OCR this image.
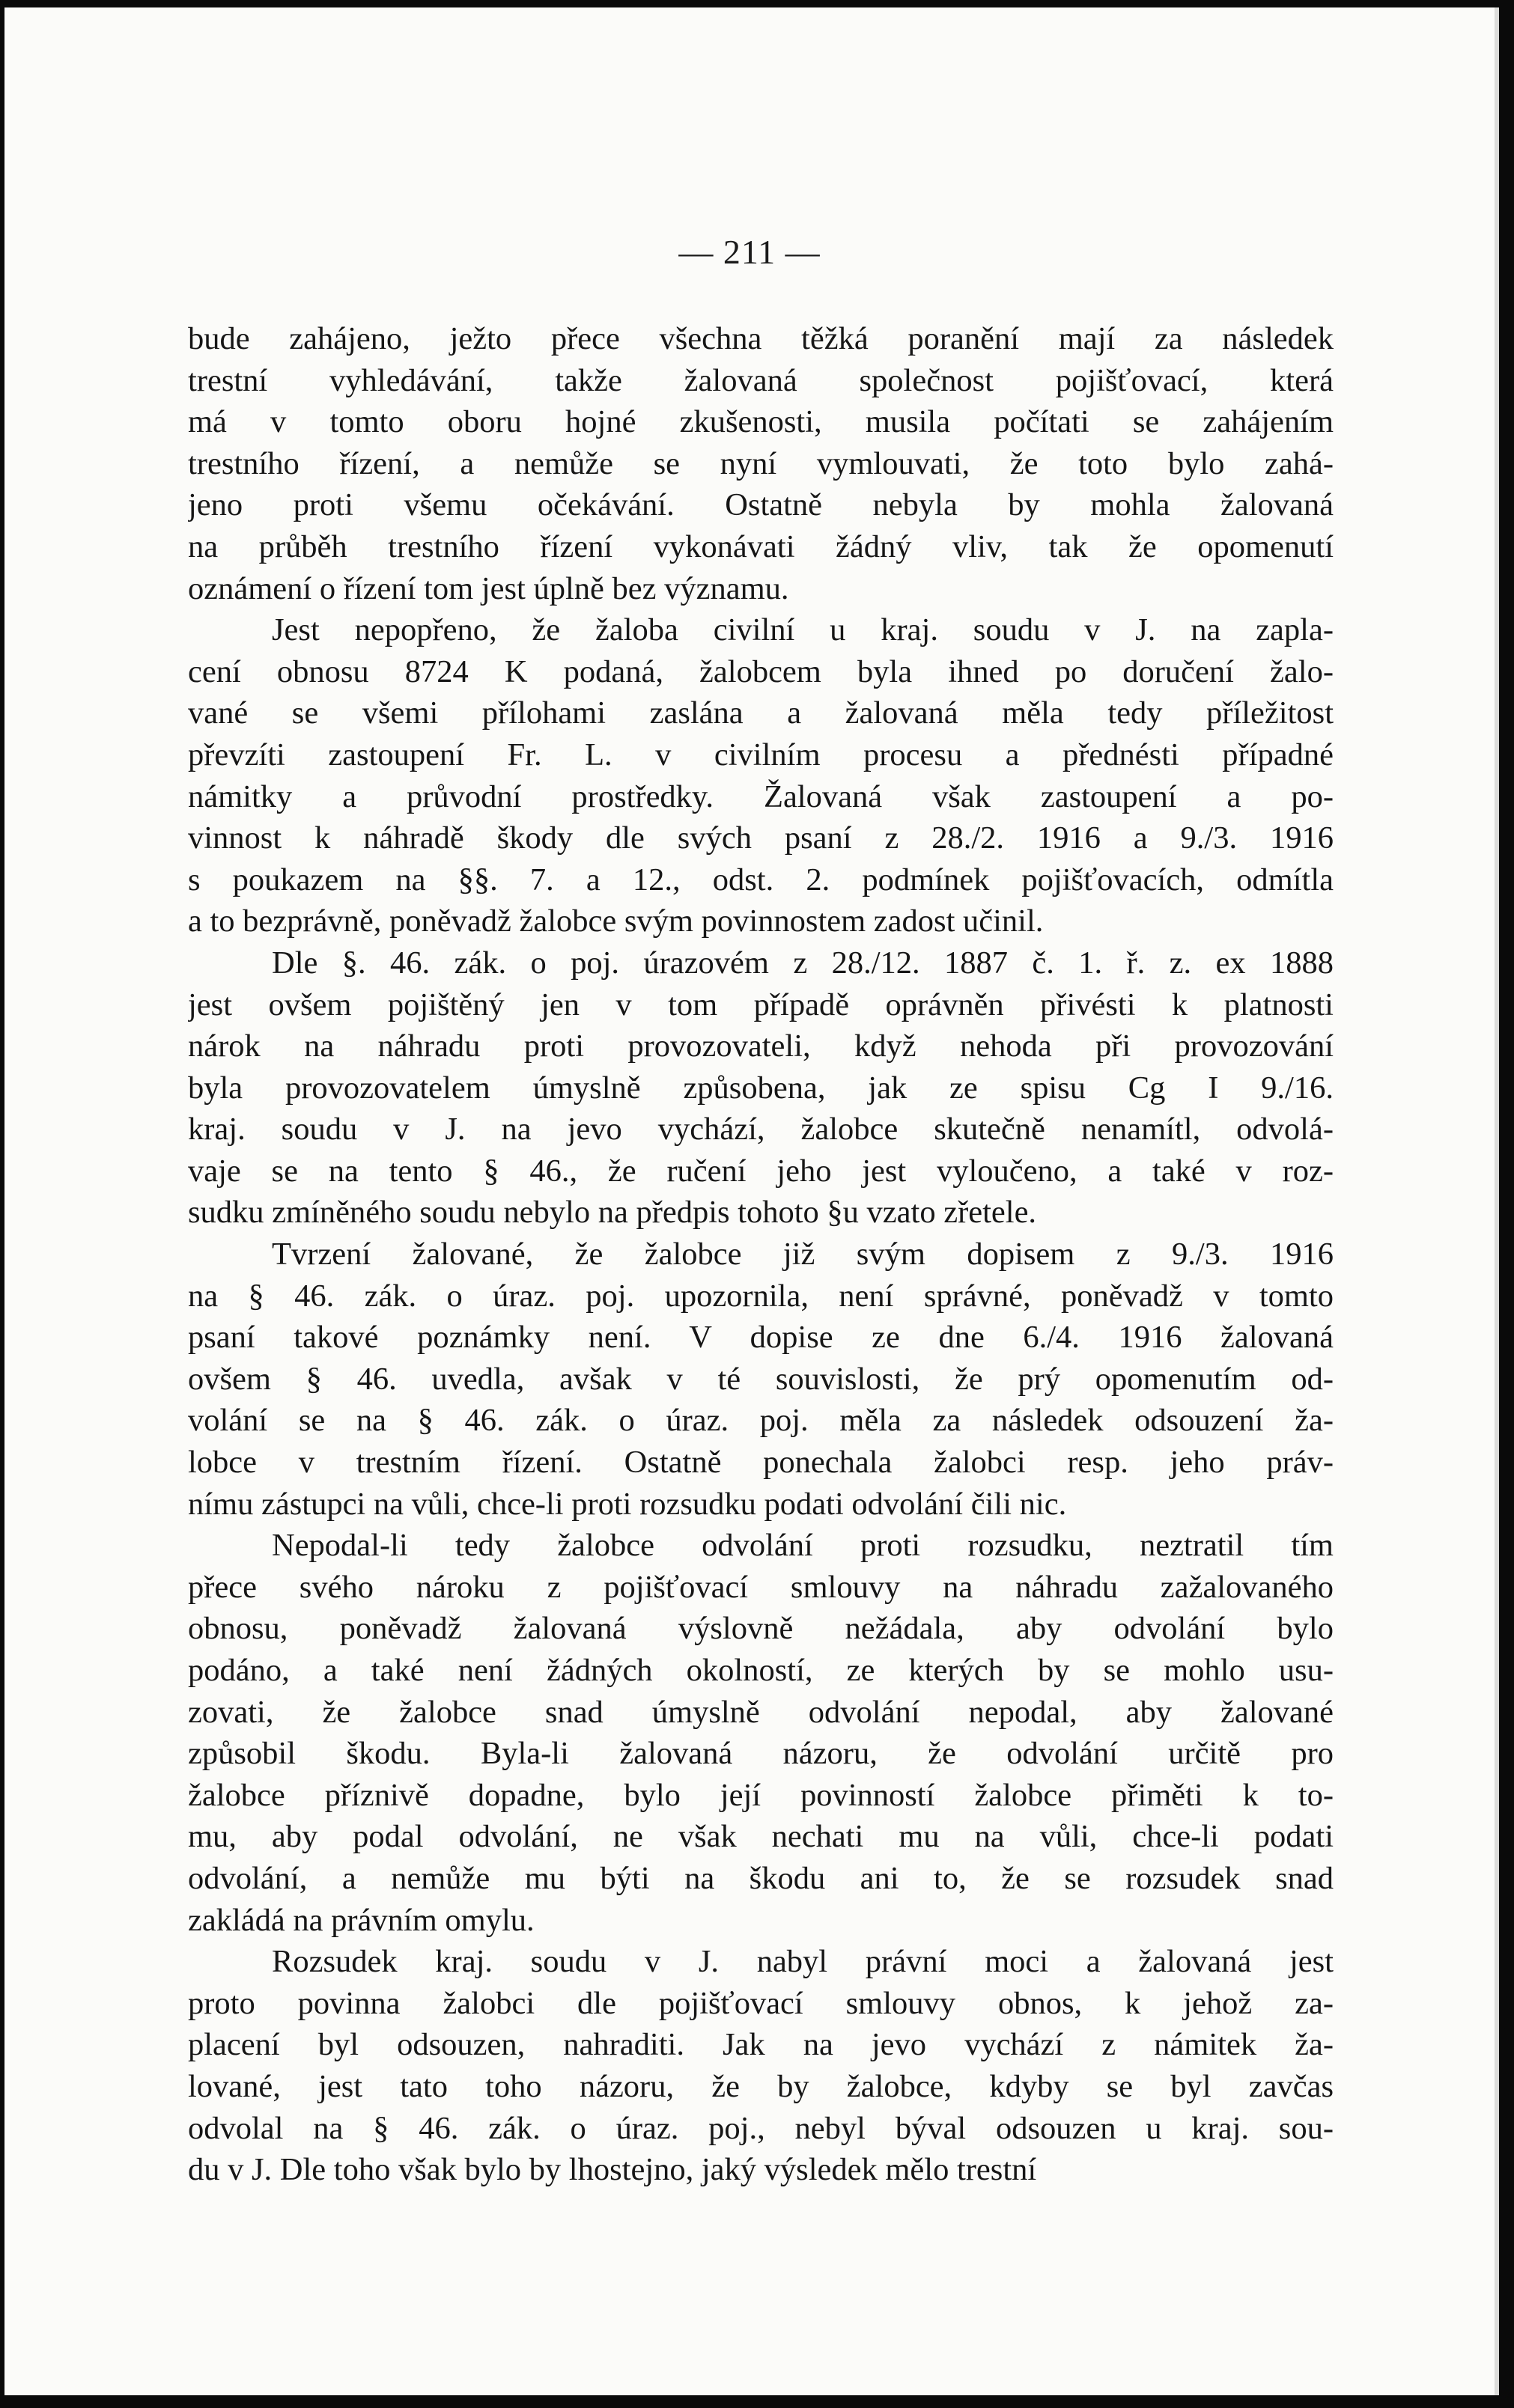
— 211 —
bude zahájeno, ježto přece všechna těžká poranění mají za následek
trestní vyhledávání, takže žalovaná společnost pojišťovací, která
má v tomto oboru hojné zkušenosti, musila počítati se zahájením
trestního řízení, a nemůže se nyní vymlouvati, že toto bylo zahá-
jeno proti všemu očekávání. Ostatně nebyla by mohla žalovaná
na průběh trestního řízení vykonávati žádný vliv, tak že opomenutí
oznámení o řízení tom jest úplně bez významu.
Jest nepopřeno, že žaloba civilní u kraj. soudu v J. na zapla-
cení obnosu 8724 K podaná, žalobcem byla ihned po doručení žalo-
vané se všemi přílohami zaslána a žalovaná měla tedy příležitost
převzíti zastoupení Fr. L. v civilním procesu a přednésti případné
námitky a průvodní prostředky. Žalovaná však zastoupení a po-
vinnost k náhradě škody dle svých psaní z 28./2. 1916 a 9./3. 1916
s poukazem na §§. 7. a 12., odst. 2. podmínek pojišťovacích, odmítla
a to bezprávně, poněvadž žalobce svým povinnostem zadost učinil.
Dle §. 46. zák. o poj. úrazovém z 28./12. 1887 č. 1. ř. z. ex 1888
jest ovšem pojištěný jen v tom případě oprávněn přivésti k platnosti
nárok na náhradu proti provozovateli, když nehoda při provozování
byla provozovatelem úmyslně způsobena, jak ze spisu Cg I 9./16.
kraj. soudu v J. na jevo vychází, žalobce skutečně nenamítl, odvolá-
vaje se na tento § 46., že ručení jeho jest vyloučeno, a také v roz-
sudku zmíněného soudu nebylo na předpis tohoto §u vzato zřetele.
Tvrzení žalované, že žalobce již svým dopisem z 9./3. 1916
na § 46. zák. o úraz. poj. upozornila, není správné, poněvadž v tomto
psaní takové poznámky není. V dopise ze dne 6./4. 1916 žalovaná
ovšem § 46. uvedla, avšak v té souvislosti, že prý opomenutím od-
volání se na § 46. zák. o úraz. poj. měla za následek odsouzení ža-
lobce v trestním řízení. Ostatně ponechala žalobci resp. jeho práv-
nímu zástupci na vůli, chce-li proti rozsudku podati odvolání čili nic.
Nepodal-li tedy žalobce odvolání proti rozsudku, neztratil tím
přece svého nároku z pojišťovací smlouvy na náhradu zažalovaného
obnosu, poněvadž žalovaná výslovně nežádala, aby odvolání bylo
podáno, a také není žádných okolností, ze kterých by se mohlo usu-
zovati, že žalobce snad úmyslně odvolání nepodal, aby žalované
způsobil škodu. Byla-li žalovaná názoru, že odvolání určitě pro
žalobce příznivě dopadne, bylo její povinností žalobce přiměti k to-
mu, aby podal odvolání, ne však nechati mu na vůli, chce-li podati
odvolání, a nemůže mu býti na škodu ani to, že se rozsudek snad
zakládá na právním omylu.
Rozsudek kraj. soudu v J. nabyl právní moci a žalovaná jest
proto povinna žalobci dle pojišťovací smlouvy obnos, k jehož za-
placení byl odsouzen, nahraditi. Jak na jevo vychází z námitek ža-
lované, jest tato toho názoru, že by žalobce, kdyby se byl zavčas
odvolal na § 46. zák. o úraz. poj., nebyl býval odsouzen u kraj. sou-
du v J. Dle toho však bylo by lhostejno, jaký výsledek mělo trestní
